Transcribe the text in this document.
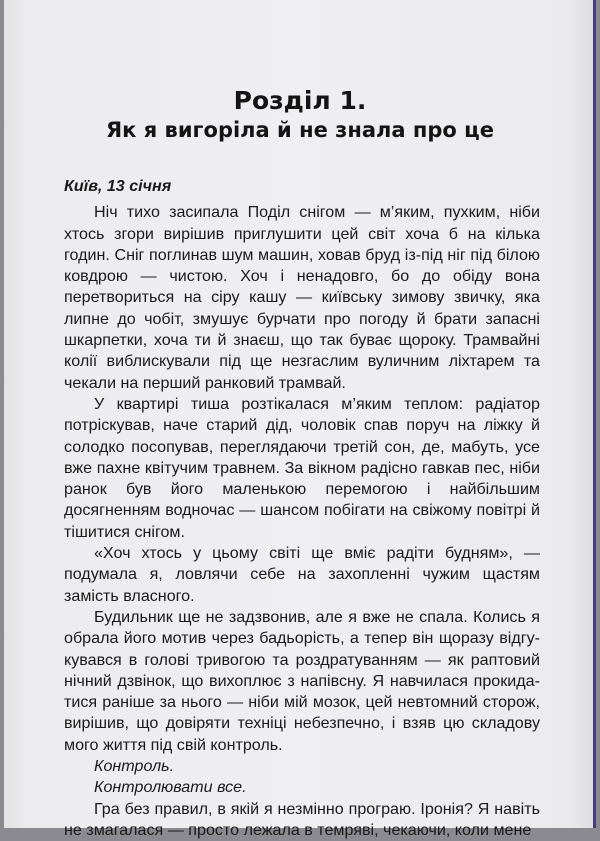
Розділ 1.
Як я вигоріла й не знала про це
Київ, 13 січня

Ніч тихо засипала Поділ снігом — м’яким, пухким, ніби хтось згори вирішив приглушити цей світ хоча б на кілька годин. Сніг поглинав шум машин, ховав бруд із-під ніг під білою ковдрою — чистою. Хоч і ненадовго, бо до обіду вона перетвориться на сіру кашу — київську зимову звичку, яка липне до чобіт, змушує бурчати про погоду й брати запасні шкарпетки, хоча ти й знаєш, що так буває щороку. Трамвайні колії виблискували під ще незгаслим вуличним ліхтарем та чекали на перший ранковий трамвай.

У квартирі тиша розтікалася м’яким теплом: радіатор потріскував, наче старий дід, чоловік спав поруч на ліжку й солодко посопував, переглядаючи третій сон, де, мабуть, усе вже пахне квітучим травнем. За вікном радісно гавкав пес, ніби ранок був його маленькою перемогою і найбільшим досягненням водночас — шансом побігати на свіжому повітрі й тішитися снігом.

«Хоч хтось у цьому світі ще вміє радіти будням», — подумала я, ловлячи себе на захопленні чужим щастям замість власного.

Будильник ще не задзвонив, але я вже не спала. Колись я обрала його мотив через бадьорість, а тепер він щоразу відгукувався в голові тривогою та роздратуванням — як раптовий нічний дзвінок, що вихоплює з напівсну. Я навчилася прокидатися раніше за нього — ніби мій мозок, цей невтомний сторож, вирішив, що довіряти техніці небезпечно, і взяв цю складову мого життя під свій контроль.

Контроль.

Контролювати все.

Гра без правил, в якій я незмінно програю. Іронія? Я навіть не змагалася — просто лежала в темряві, чекаючи, коли мене
